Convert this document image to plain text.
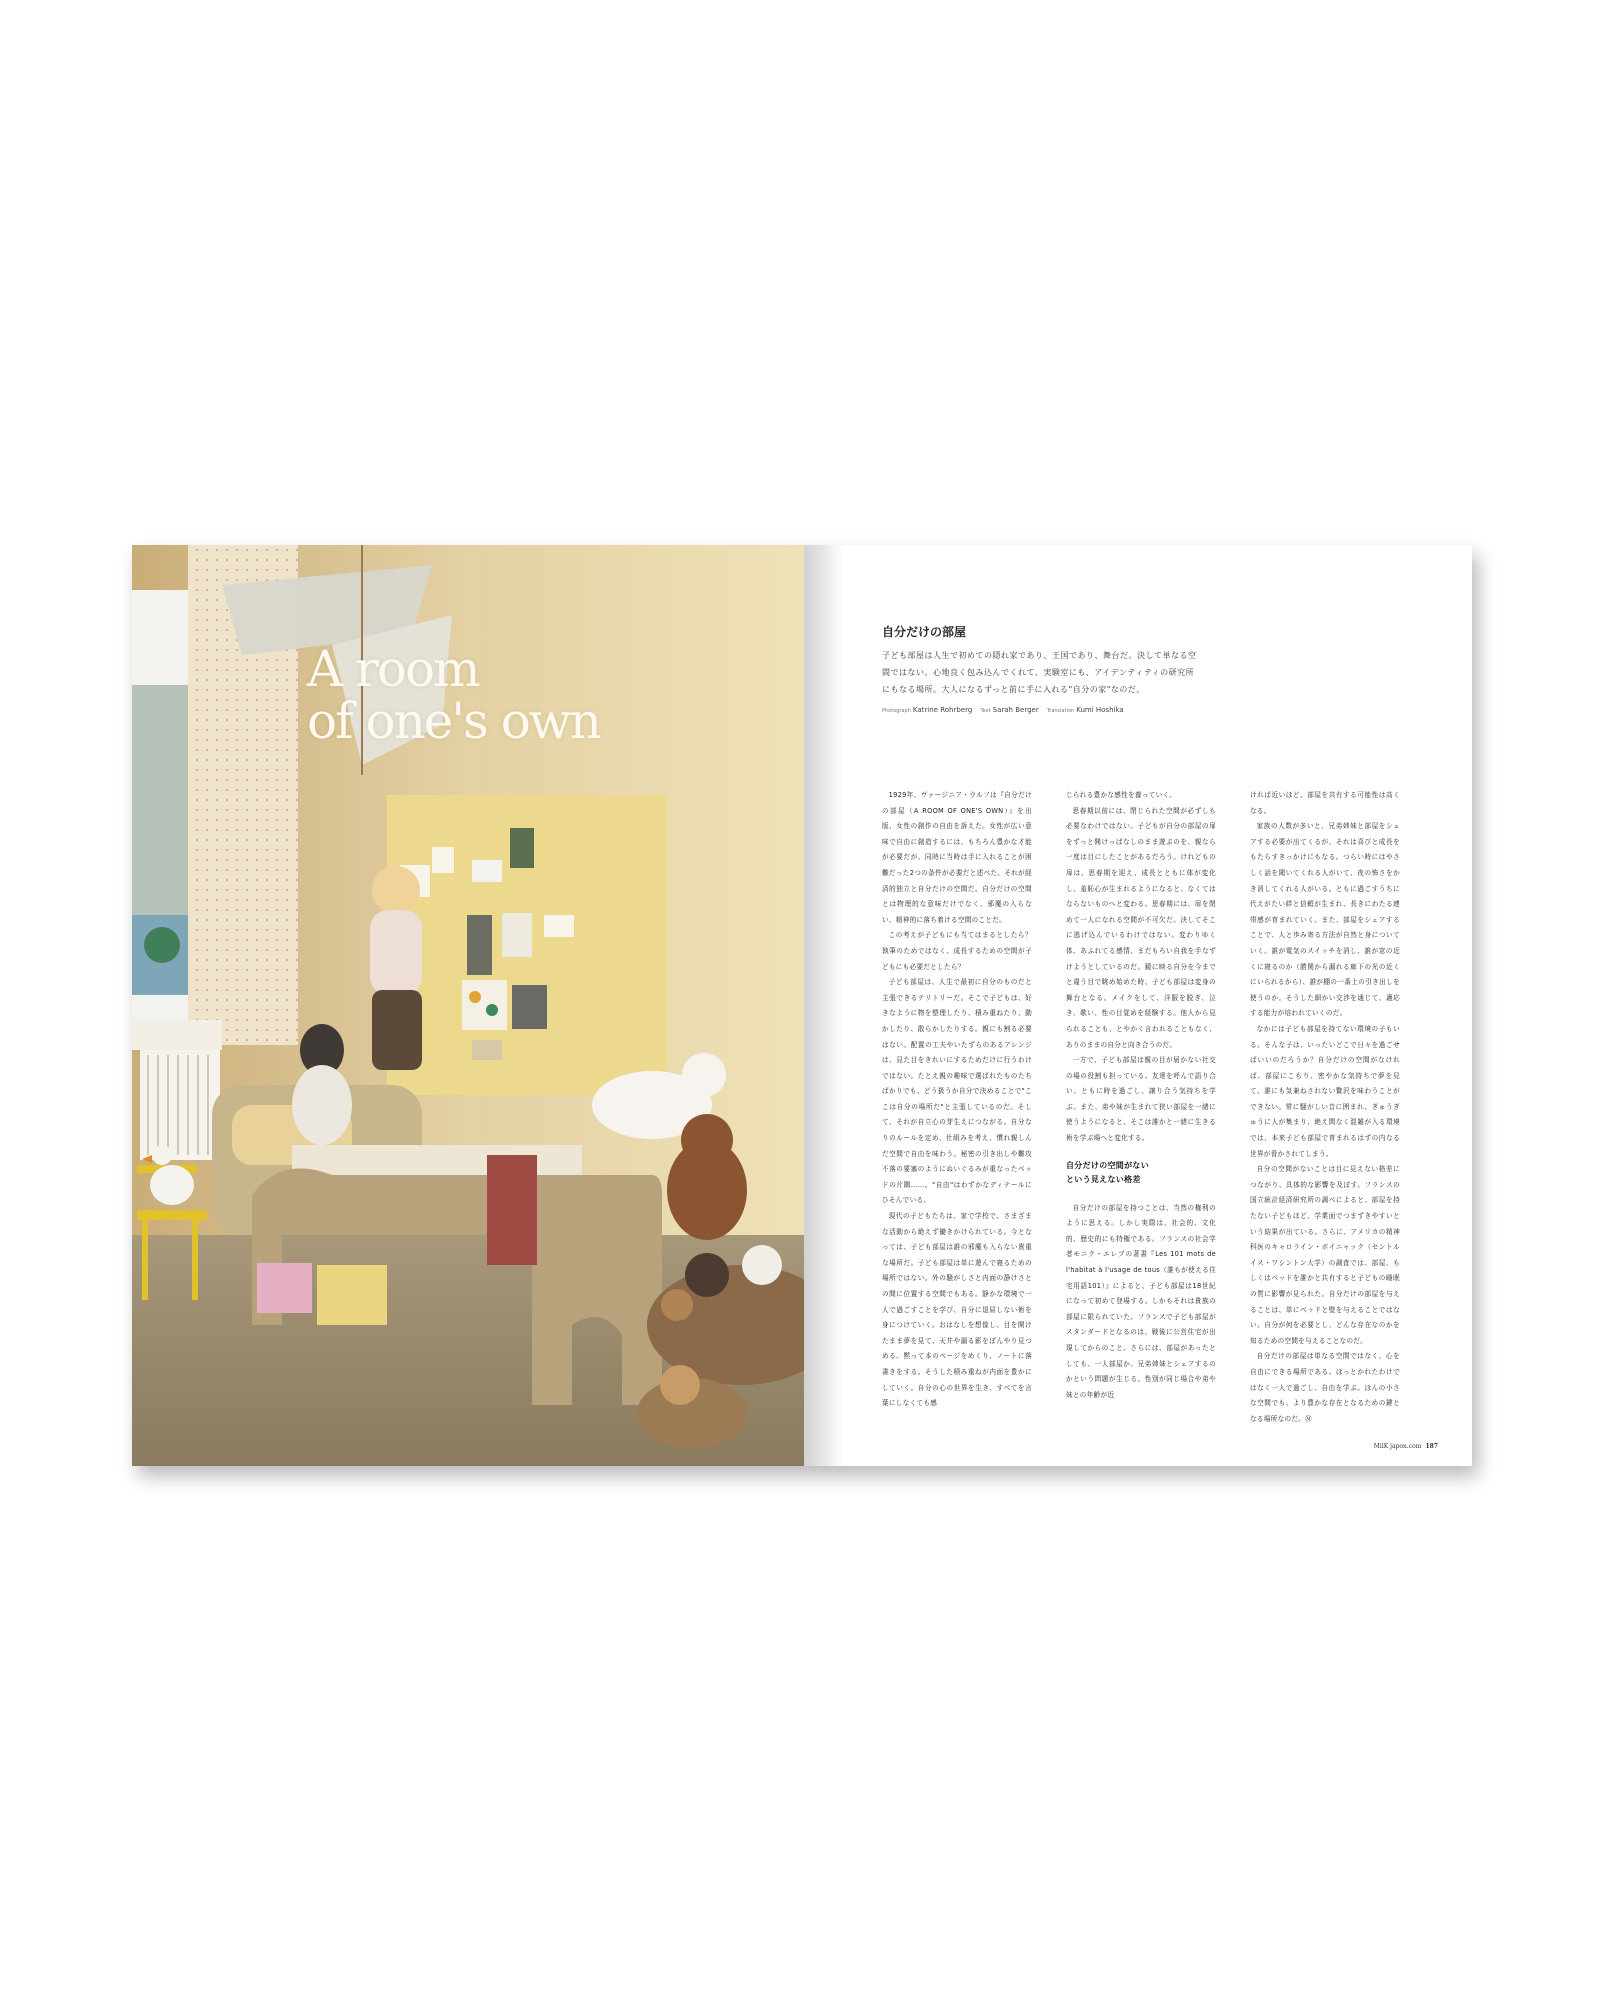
A room
of one's own
自分だけの部屋
子ども部屋は人生で初めての隠れ家であり、王国であり、舞台だ。決して単なる空間ではない。心地良く包み込んでくれて、実験室にも、アイデンティティの研究所にもなる場所。大人になるずっと前に手に入れる"自分の家"なのだ。
Photograph Katrine Rohrberg Text Sarah Berger Translation Kumi Hoshika

1929年、ヴァージニア・ウルフは『自分だけの部屋（A ROOM OF ONE'S OWN）』を出版、女性の創作の自由を訴えた。女性が広い意味で自由に創造するには、もちろん豊かな才能が必要だが、同時に当時は手に入れることが困難だった2つの条件が必要だと述べた。それが経済的独立と自分だけの空間だ。自分だけの空間とは物理的な意味だけでなく、邪魔の入らない、精神的に落ち着ける空間のことだ。

この考えが子どもにも当てはまるとしたら？執筆のためではなく、成長するための空間が子どもにも必要だとしたら？

子ども部屋は、人生で最初に自分のものだと主張できるテリトリーだ。そこで子どもは、好きなように物を整理したり、積み重ねたり、動かしたり、散らかしたりする。親にも割る必要はない。配置の工夫やいたずらのあるアレンジは、見た目をきれいにするためだけに行うわけではない。たとえ親の趣味で選ばれたものたちばかりでも、どう扱うか自分で決めることで"ここは自分の場所だ"と主張しているのだ。そして、それが自立心の芽生えにつながる。自分なりのルールを定め、仕組みを考え、慣れ親しんだ空間で自由を味わう。秘密の引き出しや難攻不落の要塞のようにぬいぐるみが重なったベッドの片隅……。"自由"はわずかなディテールにひそんでいる。

現代の子どもたちは、家で学校で、さまざまな活動から絶えず働きかけられている。今となっては、子ども部屋は誰の邪魔も入らない貴重な場所だ。子ども部屋は単に遊んで寝るための場所ではない。外の騒がしさと内面の静けさとの間に位置する空間でもある。静かな環境で一人で過ごすことを学び、自分に退屈しない術を身につけていく。おはなしを想像し、目を開けたまま夢を見て、天井や漏る影をぼんやり見つめる。黙って本のページをめくり、ノートに落書きをする。そうした積み重ねが内面を豊かにしていく。自分の心の世界を生き、すべてを言葉にしなくても感

じられる豊かな感性を養っていく。

思春期以前には、閉じられた空間が必ずしも必要なわけではない。子どもが自分の部屋の扉をずっと開けっぱなしのまま遊ぶのを、親なら一度は目にしたことがあるだろう。けれどもの扉は、思春期を迎え、成長とともに体が変化し、羞恥心が生まれるようになると、なくてはならないものへと変わる。思春期には、扉を閉めて一人になれる空間が不可欠だ。決してそこに逃げ込んでいるわけではない。変わりゆく体、あふれてる感情、まだもろい自我を手なずけようとしているのだ。鏡に映る自分を今までと違う目で眺め始めた時、子ども部屋は変身の舞台となる。メイクをして、洋服を脱ぎ、泣き、歌い、性の目覚めを経験する。他人から見られることも、とやかく言われることもなく、ありのままの自分と向き合うのだ。

一方で、子ども部屋は親の目が届かない社交の場の役割も担っている。友達を呼んで語り合い、ともに時を過ごし、譲り合う気持ちを学ぶ。また、弟や妹が生まれて狭い部屋を一緒に使うようになると、そこは誰かと一緒に生きる術を学ぶ場へと変化する。

自分だけの空間がない
という見えない格差

自分だけの部屋を持つことは、当然の権利のように思える。しかし実際は、社会的、文化的、歴史的にも特権である。フランスの社会学者モニク・エレブの著書『Les 101 mots de l'habitat à l'usage de tous（誰もが使える住宅用語101）』によると、子ども部屋は18世紀になって初めて登場する。しかもそれは貴族の部屋に限られていた。フランスで子ども部屋がスタンダードとなるのは、戦後に公営住宅が出現してからのこと。さらには、部屋があったとしても、一人部屋か、兄弟姉妹とシェアするのかという問題が生じる。性別が同じ場合や弟や妹との年齢が近

ければ近いほど、部屋を共有する可能性は高くなる。

家族の人数が多いと、兄弟姉妹と部屋をシェアする必要が出てくるが、それは喜びと成長をもたらすきっかけにもなる。つらい時にはやさしく話を聞いてくれる人がいて、夜の怖さをかき消してくれる人がいる。ともに過ごすうちに代えがたい絆と信頼が生まれ、長きにわたる連帯感が育まれていく。また、部屋をシェアすることで、人と歩み寄る方法が自然と身についていく。誰が電気のスイッチを消し、誰が窓の近くに寝るのか（勝関から漏れる廊下の光の近くにいられるから）、誰が棚の一番上の引き出しを使うのか。そうした細かい交渉を通じて、適応する能力が培われていくのだ。

なかには子ども部屋を持てない環境の子もいる。そんな子は、いったいどこで日々を過ごせばいいのだろうか？自分だけの空間がなければ、部屋にこもり、密やかな気持ちで夢を見て、誰にも気兼ねされない贅沢を味わうことができない。常に騒がしい音に囲まれ、ぎゅうぎゅうに人が集まり、絶え間なく混雑が入る環境では、本来子ども部屋で育まれるはずの内なる世界が脅かされてしまう。

自分の空間がないことは目に見えない格差につながり、具体的な影響を及ぼす。フランスの国立統計経済研究所の調べによると、部屋を持たない子どもほど、学業面でつまずきやすいという結果が出ている。さらに、アメリカの精神科医のキャロライン・ボイニャック（セントルイス・ワシントン大学）の調査では、部屋、もしくはベッドを誰かと共有すると子どもの睡眠の質に影響が見られた。自分だけの部屋を与えることは、単にベッドと壁を与えることではない。自分が何を必要とし、どんな存在なのかを知るための空間を与えることなのだ。

自分だけの部屋は単なる空間ではなく、心を自由にできる場所である。ほっとかれたわけではなく一人で過ごし、自由を学ぶ。ほんの小さな空間でも、より豊かな存在となるための鍵となる場所なのだ。Ⓜ

MilK japon.com 187
